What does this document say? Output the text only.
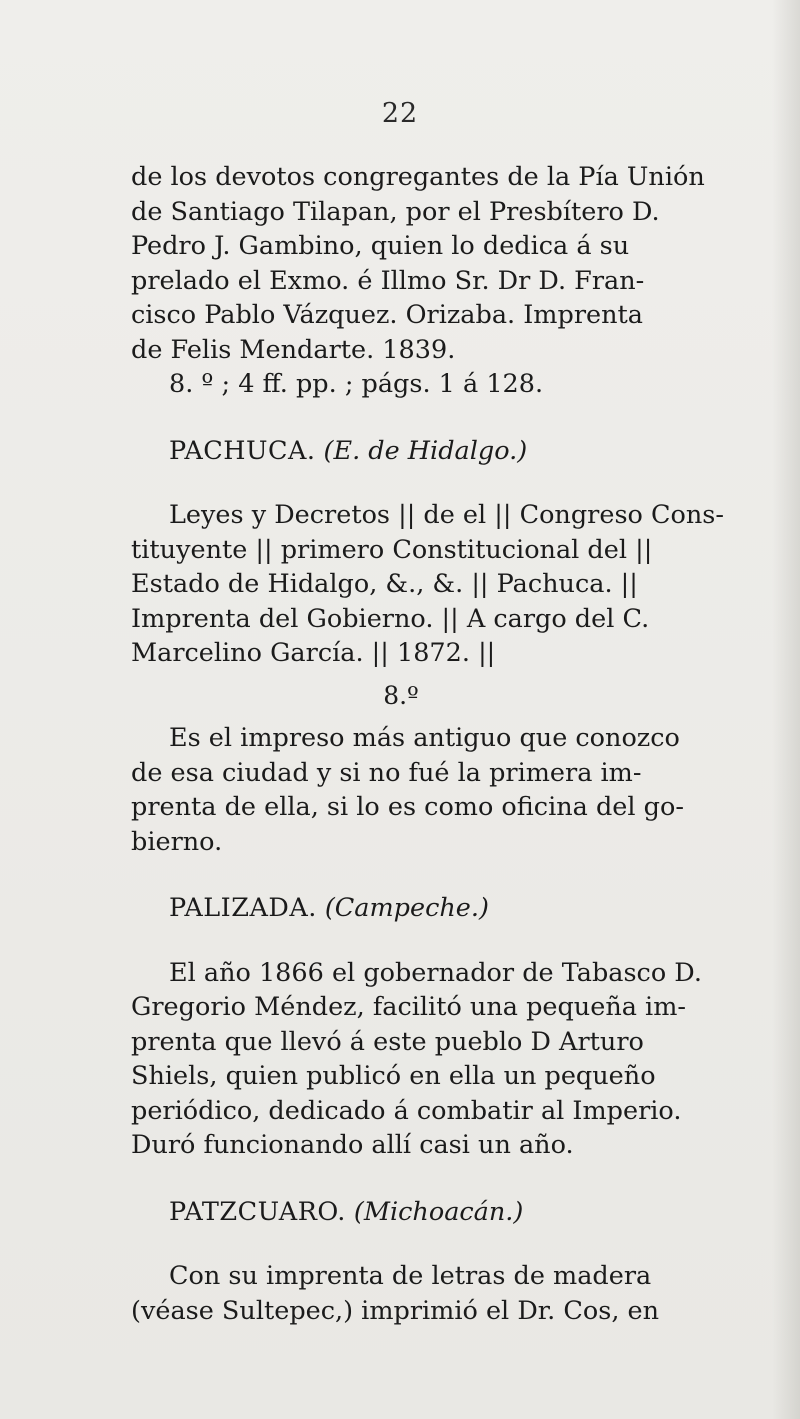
22

de los devotos congregantes de la Pía Unión
de Santiago Tilapan, por el Presbítero D.
Pedro J. Gambino, quien lo dedica á su
prelado el Exmo. é Illmo Sr. Dr D. Fran-
cisco Pablo Vázquez. Orizaba. Imprenta
de Felis Mendarte. 1839.
8. º ; 4 ff. pp. ; págs. 1 á 128.

PACHUCA. (E. de Hidalgo.)

Leyes y Decretos || de el || Congreso Cons-
tituyente || primero Constitucional del ||
Estado de Hidalgo, &., &. || Pachuca. ||
Imprenta del Gobierno. || A cargo del C.
Marcelino García. || 1872. ||

8.º

Es el impreso más antiguo que conozco
de esa ciudad y si no fué la primera im-
prenta de ella, si lo es como oficina del go-
bierno.

PALIZADA. (Campeche.)

El año 1866 el gobernador de Tabasco D.
Gregorio Méndez, facilitó una pequeña im-
prenta que llevó á este pueblo D Arturo
Shiels, quien publicó en ella un pequeño
periódico, dedicado á combatir al Imperio.
Duró funcionando allí casi un año.

PATZCUARO. (Michoacán.)

Con su imprenta de letras de madera
(véase Sultepec,) imprimió el Dr. Cos, en
